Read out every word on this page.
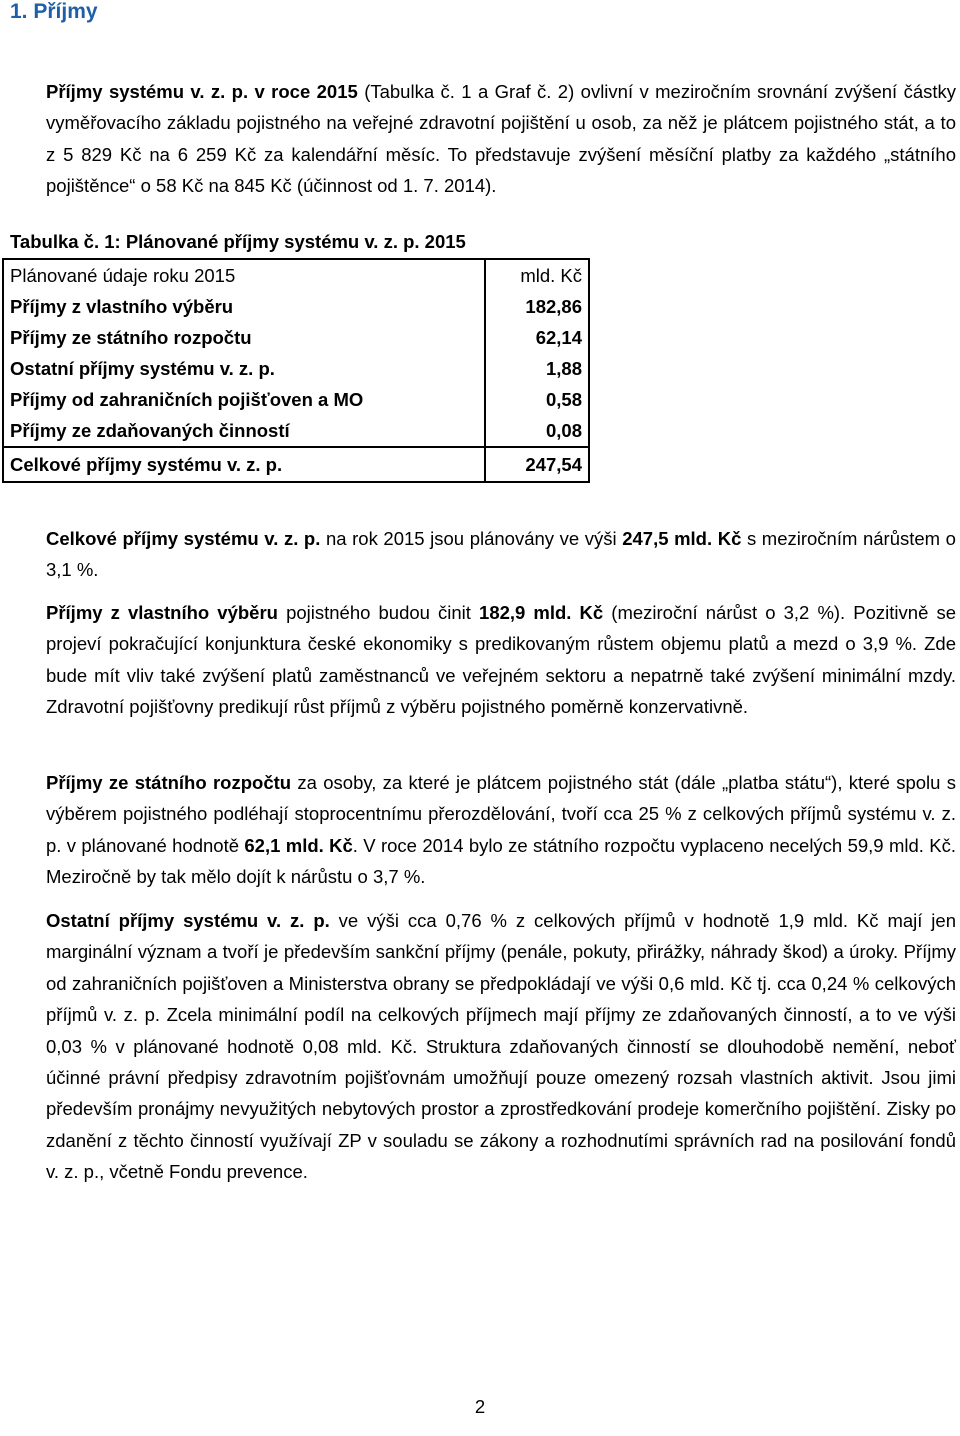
1. Příjmy

Příjmy systému v. z. p. v roce 2015 (Tabulka č. 1 a Graf č. 2) ovlivní v meziročním srovnání zvýšení částky vyměřovacího základu pojistného na veřejné zdravotní pojištění u osob, za něž je plátcem pojistného stát, a to z 5 829 Kč na 6 259 Kč za kalendářní měsíc. To představuje zvýšení měsíční platby za každého „státního pojištěnce“ o 58 Kč na 845 Kč (účinnost od 1. 7. 2014).

Tabulka č. 1: Plánované příjmy systému v. z. p. 2015

Plánované údaje roku 2015	mld. Kč
Příjmy z vlastního výběru	182,86
Příjmy ze státního rozpočtu	62,14
Ostatní příjmy systému v. z. p.	1,88
Příjmy od zahraničních pojišťoven a MO	0,58
Příjmy ze zdaňovaných činností	0,08
Celkové příjmy systému v. z. p.	247,54

Celkové příjmy systému v. z. p. na rok 2015 jsou plánovány ve výši 247,5 mld. Kč s meziročním nárůstem o 3,1 %.

Příjmy z vlastního výběru pojistného budou činit 182,9 mld. Kč (meziroční nárůst o 3,2 %). Pozitivně se projeví pokračující konjunktura české ekonomiky s predikovaným růstem objemu platů a mezd o 3,9 %. Zde bude mít vliv také zvýšení platů zaměstnanců ve veřejném sektoru a nepatrně také zvýšení minimální mzdy. Zdravotní pojišťovny predikují růst příjmů z výběru pojistného poměrně konzervativně.

Příjmy ze státního rozpočtu za osoby, za které je plátcem pojistného stát (dále „platba státu“), které spolu s výběrem pojistného podléhají stoprocentnímu přerozdělování, tvoří cca 25 % z celkových příjmů systému v. z. p. v plánované hodnotě 62,1 mld. Kč. V roce 2014 bylo ze státního rozpočtu vyplaceno necelých 59,9 mld. Kč. Meziročně by tak mělo dojít k nárůstu o 3,7 %.

Ostatní příjmy systému v. z. p. ve výši cca 0,76 % z celkových příjmů v hodnotě 1,9 mld. Kč mají jen marginální význam a tvoří je především sankční příjmy (penále, pokuty, přirážky, náhrady škod) a úroky. Příjmy od zahraničních pojišťoven a Ministerstva obrany se předpokládají ve výši 0,6 mld. Kč tj. cca 0,24 % celkových příjmů v. z. p. Zcela minimální podíl na celkových příjmech mají příjmy ze zdaňovaných činností, a to ve výši 0,03 % v plánované hodnotě 0,08 mld. Kč. Struktura zdaňovaných činností se dlouhodobě nemění, neboť účinné právní předpisy zdravotním pojišťovnám umožňují pouze omezený rozsah vlastních aktivit. Jsou jimi především pronájmy nevyužitých nebytových prostor a zprostředkování prodeje komerčního pojištění. Zisky po zdanění z těchto činností využívají ZP v souladu se zákony a rozhodnutími správních rad na posilování fondů v. z. p., včetně Fondu prevence.

2
